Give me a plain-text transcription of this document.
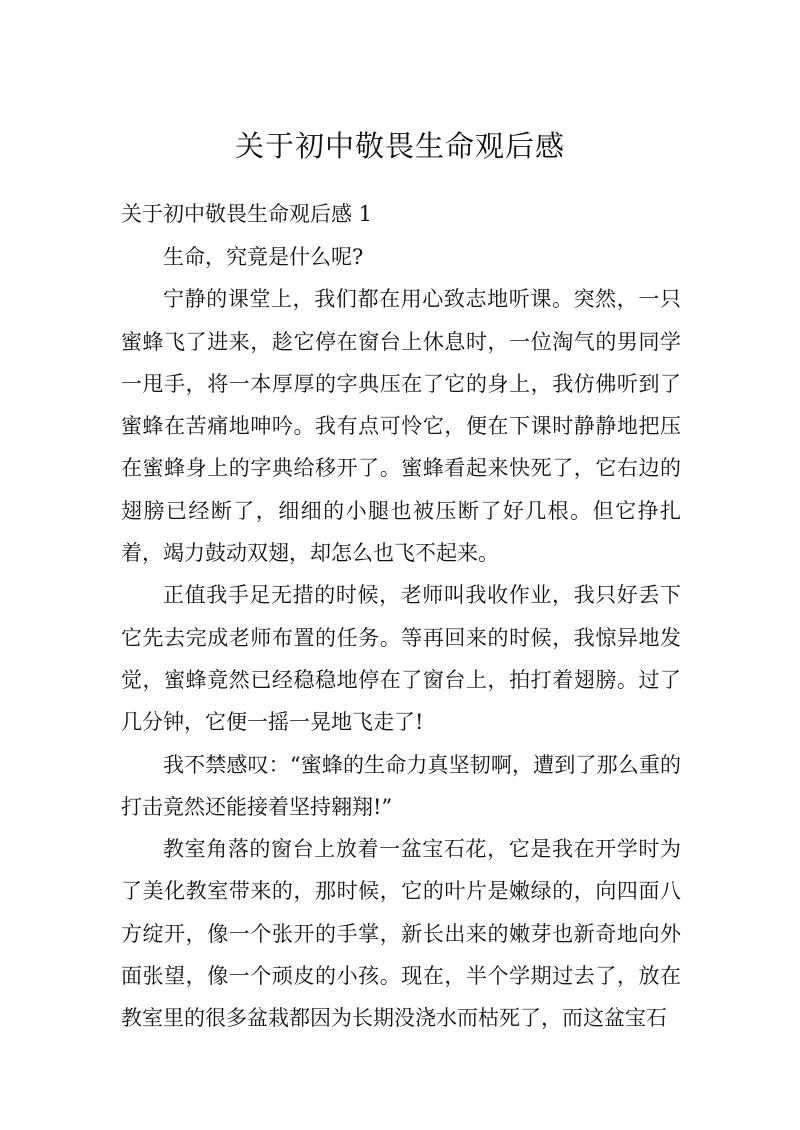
关于初中敬畏生命观后感
关于初中敬畏生命观后感 1

生命，究竟是什么呢?

宁静的课堂上，我们都在用心致志地听课。突然，一只蜜蜂飞了进来，趁它停在窗台上休息时，一位淘气的男同学一甩手，将一本厚厚的字典压在了它的身上，我仿佛听到了蜜蜂在苦痛地呻吟。我有点可怜它，便在下课时静静地把压在蜜蜂身上的字典给移开了。蜜蜂看起来快死了，它右边的翅膀已经断了，细细的小腿也被压断了好几根。但它挣扎着，竭力鼓动双翅，却怎么也飞不起来。

正值我手足无措的时候，老师叫我收作业，我只好丢下它先去完成老师布置的任务。等再回来的时候，我惊异地发觉，蜜蜂竟然已经稳稳地停在了窗台上，拍打着翅膀。过了几分钟，它便一摇一晃地飞走了!

我不禁感叹：“蜜蜂的生命力真坚韧啊，遭到了那么重的打击竟然还能接着坚持翱翔!”

教室角落的窗台上放着一盆宝石花，它是我在开学时为了美化教室带来的，那时候，它的叶片是嫩绿的，向四面八方绽开，像一个张开的手掌，新长出来的嫩芽也新奇地向外面张望，像一个顽皮的小孩。现在，半个学期过去了，放在教室里的很多盆栽都因为长期没浇水而枯死了，而这盆宝石
